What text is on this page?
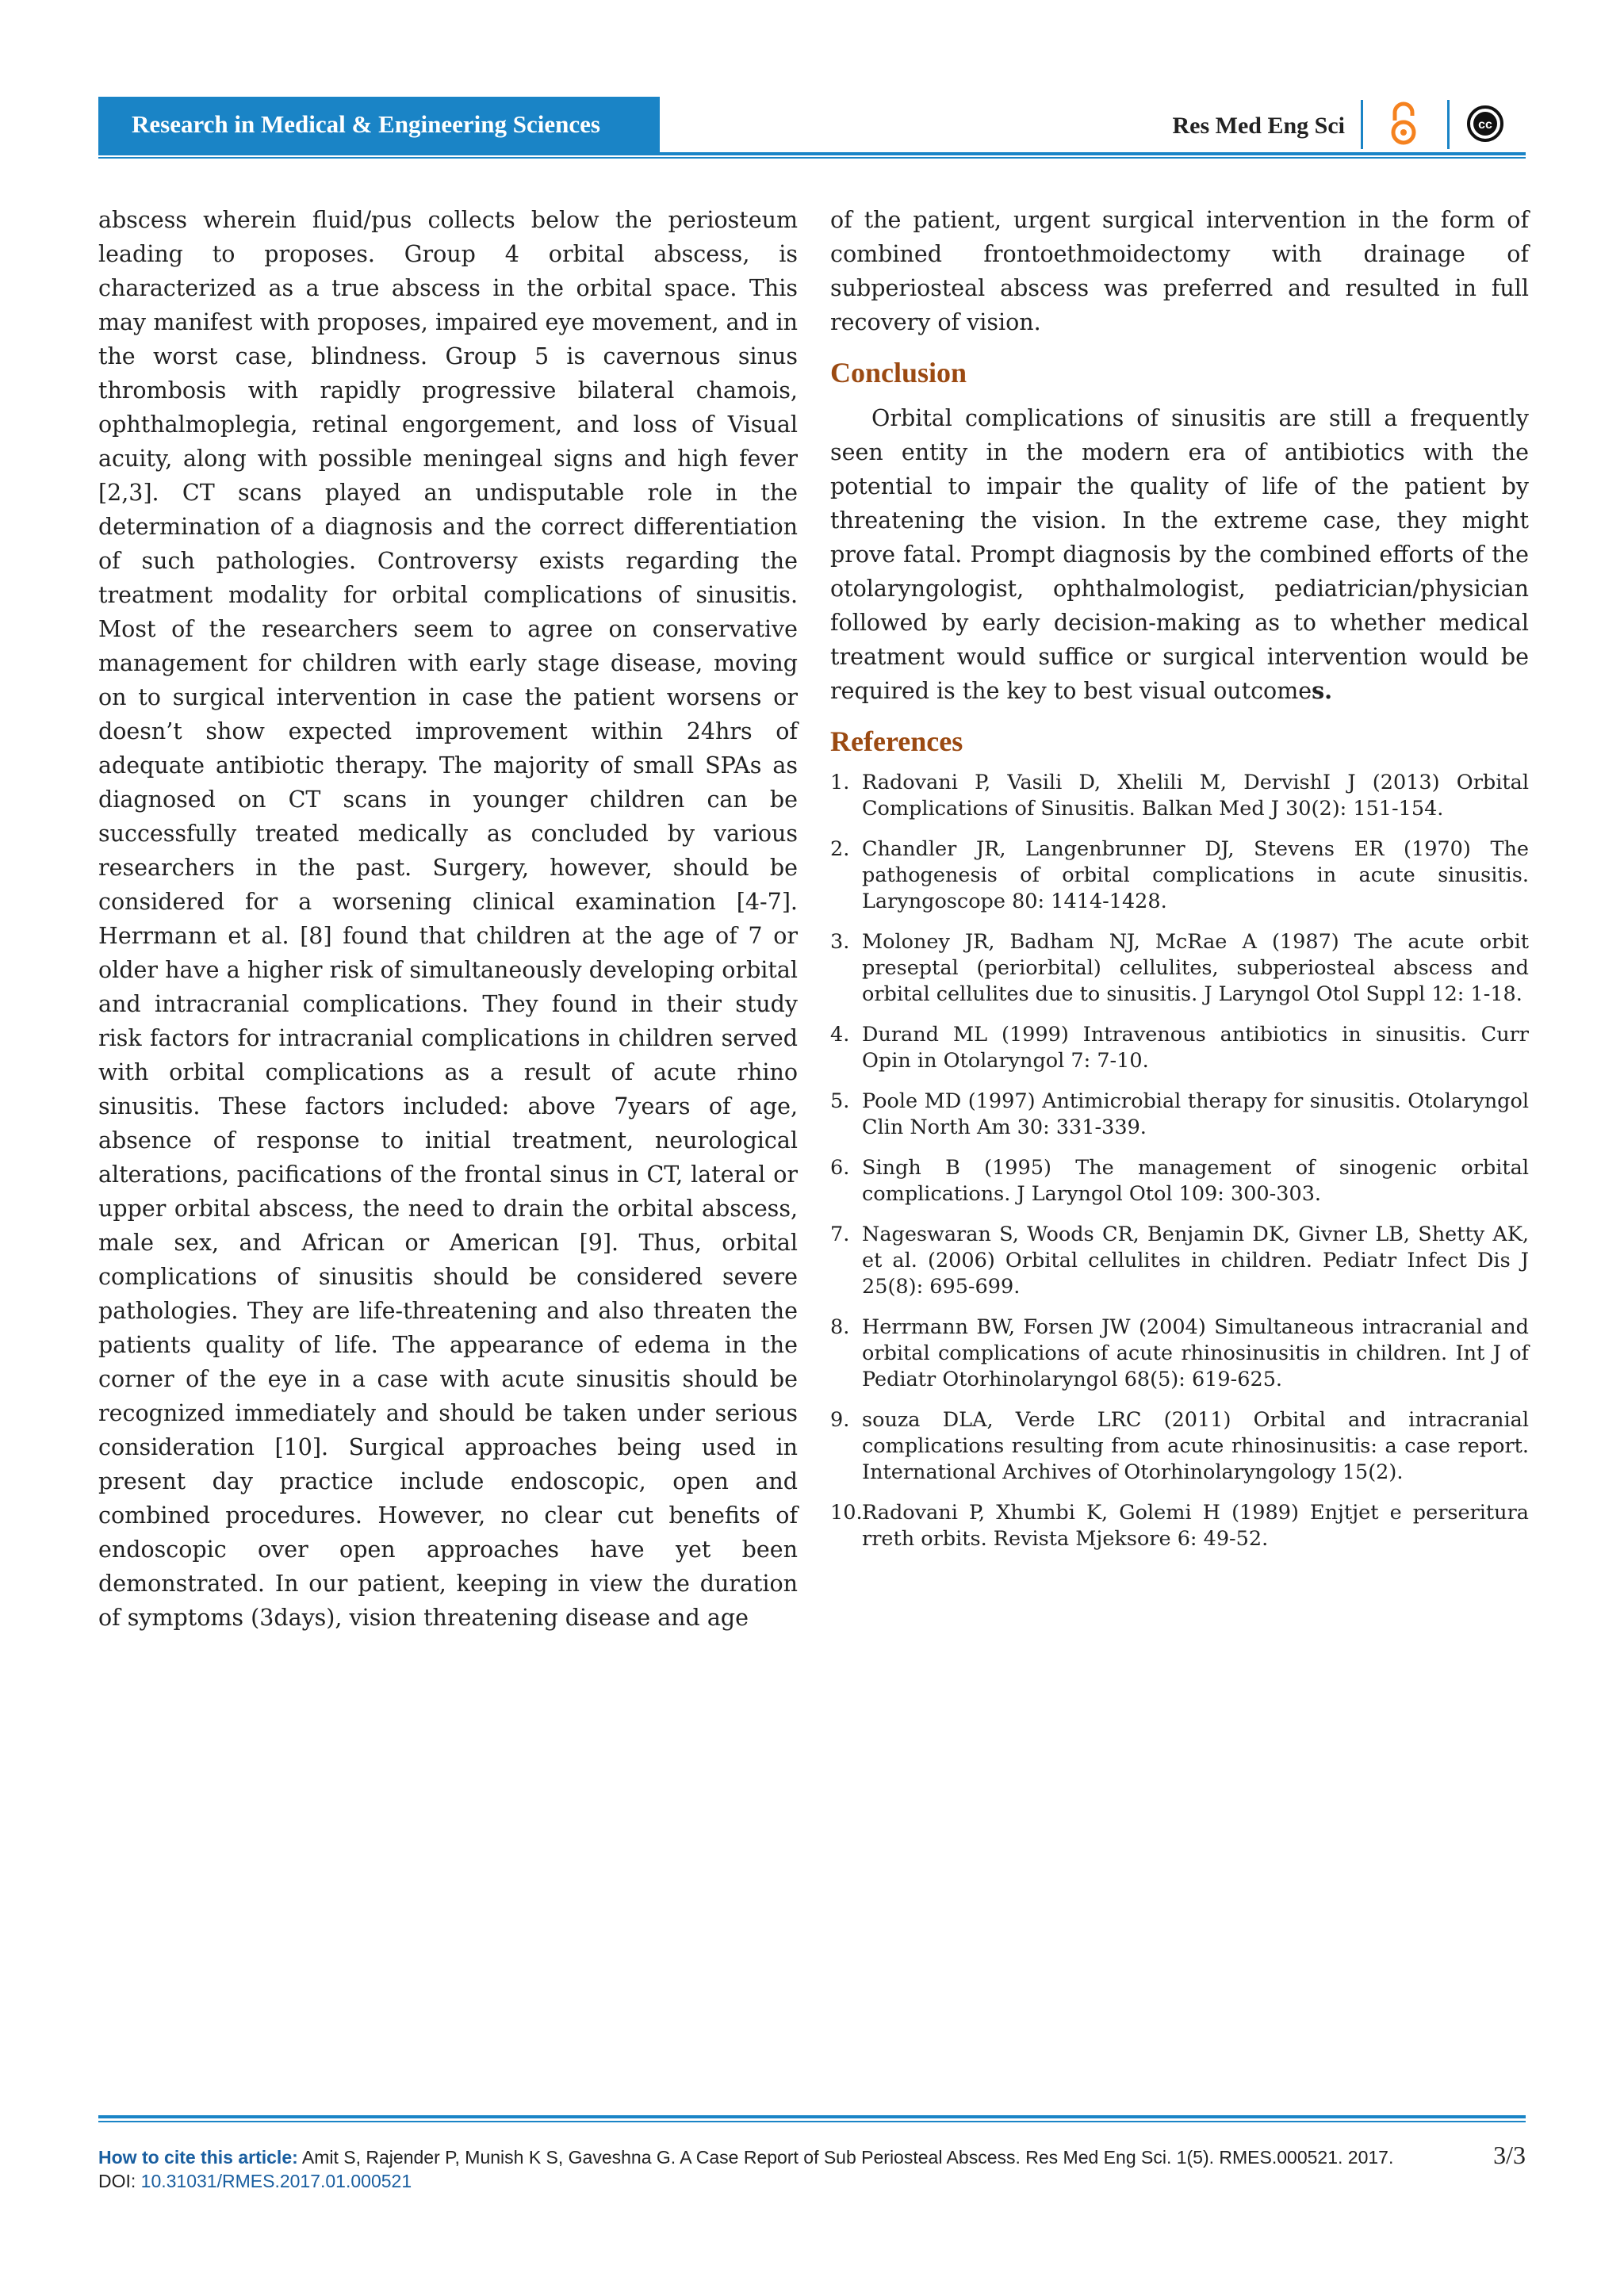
Research in Medical & Engineering Sciences	Res Med Eng Sci	cc

abscess wherein fluid/pus collects below the periosteum leading to proposes. Group 4 orbital abscess, is characterized as a true abscess in the orbital space. This may manifest with proposes, impaired eye movement, and in the worst case, blindness. Group 5 is cavernous sinus thrombosis with rapidly progressive bilateral chamois, ophthalmoplegia, retinal engorgement, and loss of Visual acuity, along with possible meningeal signs and high fever [2,3]. CT scans played an undisputable role in the determination of a diagnosis and the correct differentiation of such pathologies. Controversy exists regarding the treatment modality for orbital complications of sinusitis. Most of the researchers seem to agree on conservative management for children with early stage disease, moving on to surgical intervention in case the patient worsens or doesn’t show expected improvement within 24hrs of adequate antibiotic therapy. The majority of small SPAs as diagnosed on CT scans in younger children can be successfully treated medically as concluded by various researchers in the past. Surgery, however, should be considered for a worsening clinical examination [4-7]. Herrmann et al. [8] found that children at the age of 7 or older have a higher risk of simultaneously developing orbital and intracranial complications. They found in their study risk factors for intracranial complications in children served with orbital complications as a result of acute rhino sinusitis. These factors included: above 7years of age, absence of response to initial treatment, neurological alterations, pacifications of the frontal sinus in CT, lateral or upper orbital abscess, the need to drain the orbital abscess, male sex, and African or American [9]. Thus, orbital complications of sinusitis should be considered severe pathologies. They are life-threatening and also threaten the patients quality of life. The appearance of edema in the corner of the eye in a case with acute sinusitis should be recognized immediately and should be taken under serious consideration [10]. Surgical approaches being used in present day practice include endoscopic, open and combined procedures. However, no clear cut benefits of endoscopic over open approaches have yet been demonstrated. In our patient, keeping in view the duration of symptoms (3days), vision threatening disease and age

of the patient, urgent surgical intervention in the form of combined frontoethmoidectomy with drainage of subperiosteal abscess was preferred and resulted in full recovery of vision.

Conclusion

Orbital complications of sinusitis are still a frequently seen entity in the modern era of antibiotics with the potential to impair the quality of life of the patient by threatening the vision. In the extreme case, they might prove fatal. Prompt diagnosis by the combined efforts of the otolaryngologist, ophthalmologist, pediatrician/physician followed by early decision-making as to whether medical treatment would suffice or surgical intervention would be required is the key to best visual outcomes.

References
1. Radovani P, Vasili D, Xhelili M, DervishI J (2013) Orbital Complications of Sinusitis. Balkan Med J 30(2): 151-154.
2. Chandler JR, Langenbrunner DJ, Stevens ER (1970) The pathogenesis of orbital complications in acute sinusitis. Laryngoscope 80: 1414-1428.
3. Moloney JR, Badham NJ, McRae A (1987) The acute orbit preseptal (periorbital) cellulites, subperiosteal abscess and orbital cellulites due to sinusitis. J Laryngol Otol Suppl 12: 1-18.
4. Durand ML (1999) Intravenous antibiotics in sinusitis. Curr Opin in Otolaryngol 7: 7-10.
5. Poole MD (1997) Antimicrobial therapy for sinusitis. Otolaryngol Clin North Am 30: 331-339.
6. Singh B (1995) The management of sinogenic orbital complications. J Laryngol Otol 109: 300-303.
7. Nageswaran S, Woods CR, Benjamin DK, Givner LB, Shetty AK, et al. (2006) Orbital cellulites in children. Pediatr Infect Dis J 25(8): 695-699.
8. Herrmann BW, Forsen JW (2004) Simultaneous intracranial and orbital complications of acute rhinosinusitis in children. Int J of Pediatr Otorhinolaryngol 68(5): 619-625.
9. souza DLA, Verde LRC (2011) Orbital and intracranial complications resulting from acute rhinosinusitis: a case report. International Archives of Otorhinolaryngology 15(2).
10. Radovani P, Xhumbi K, Golemi H (1989) Enjtjet e perseritura rreth orbits. Revista Mjeksore 6: 49-52.
How to cite this article: Amit S, Rajender P, Munish K S, Gaveshna G. A Case Report of Sub Periosteal Abscess. Res Med Eng Sci. 1(5). RMES.000521. 2017.
DOI: 10.31031/RMES.2017.01.000521
3/3
